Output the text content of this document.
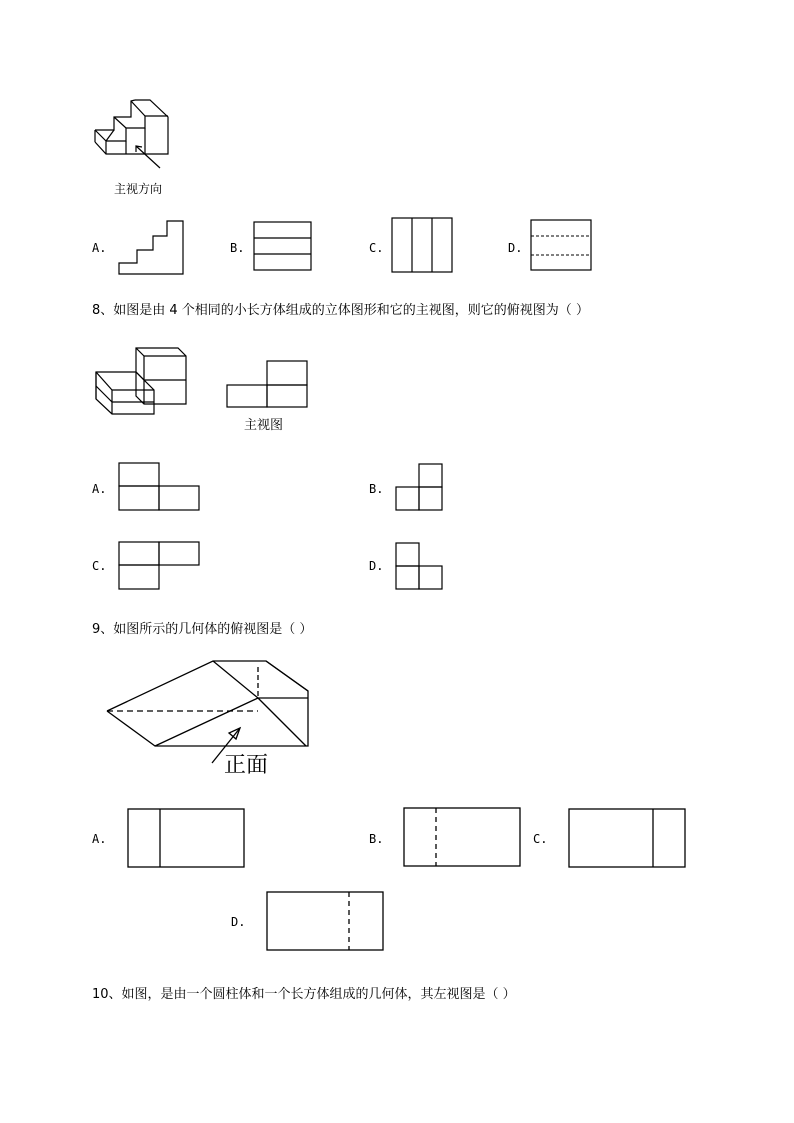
主视方向
A.	B.	C.	D.
8、如图是由 4 个相同的小长方体组成的立体图形和它的主视图，则它的俯视图为（ ）
主视图
A.	B.
C.	D.
9、如图所示的几何体的俯视图是（ ）
正面
A.	B.	C.
D.
10、如图，是由一个圆柱体和一个长方体组成的几何体，其左视图是（ ）
